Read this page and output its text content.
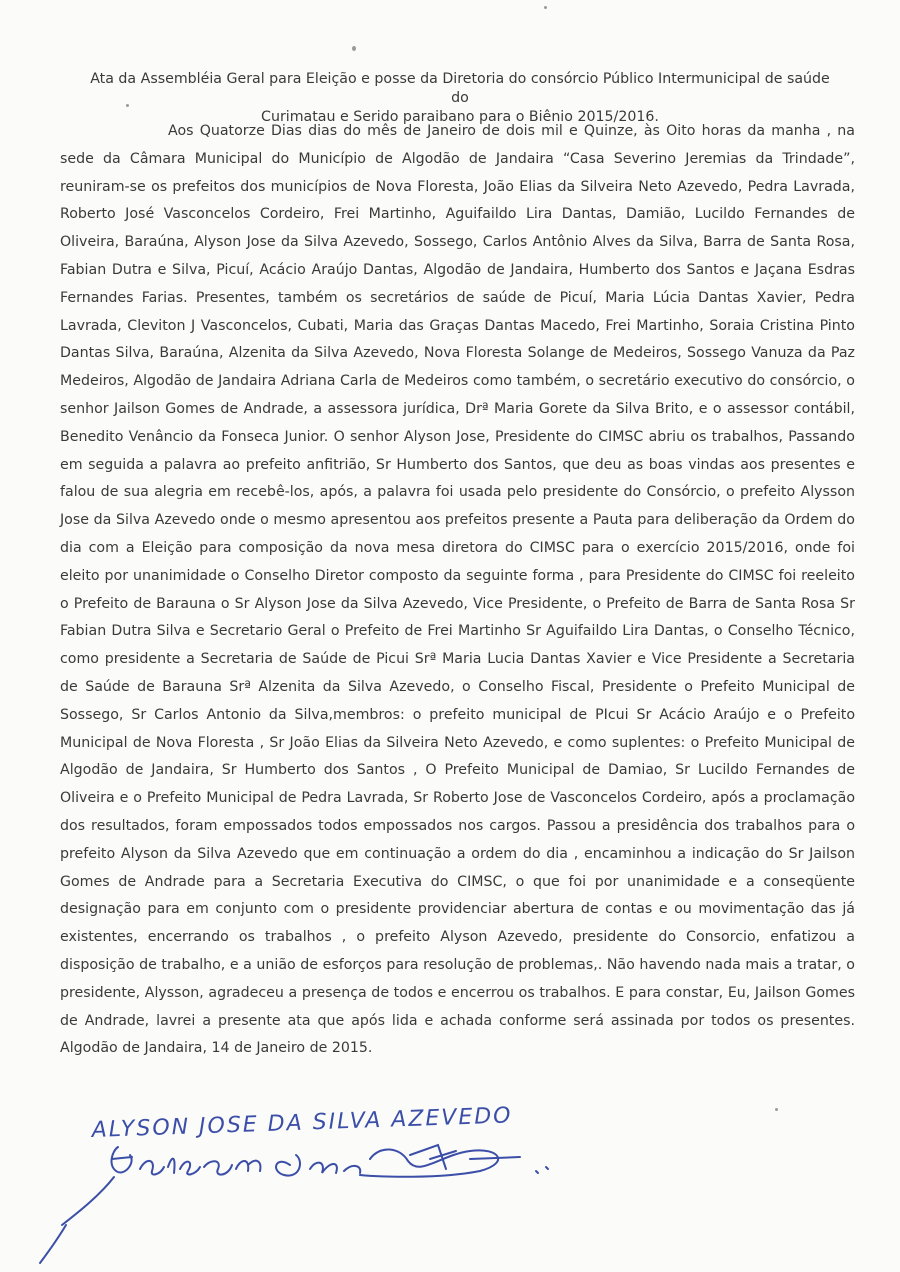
Ata da Assembléia Geral para Eleição e posse da Diretoria do consórcio Público Intermunicipal de saúde do
Curimatau e Serido paraibano para o Biênio 2015/2016.

Aos Quatorze Dias dias do mês de Janeiro de dois mil e Quinze, às Oito horas da manha , na sede da Câmara Municipal do Município de Algodão de Jandaira “Casa Severino Jeremias da Trindade”, reuniram-se os prefeitos dos municípios de Nova Floresta, João Elias da Silveira Neto Azevedo, Pedra Lavrada, Roberto José Vasconcelos Cordeiro, Frei Martinho, Aguifaildo Lira Dantas, Damião, Lucildo Fernandes de Oliveira, Baraúna, Alyson Jose da Silva Azevedo, Sossego, Carlos Antônio Alves da Silva, Barra de Santa Rosa, Fabian Dutra e Silva, Picuí, Acácio Araújo Dantas, Algodão de Jandaira, Humberto dos Santos e Jaçana Esdras Fernandes Farias. Presentes, também os secretários de saúde de Picuí, Maria Lúcia Dantas Xavier, Pedra Lavrada, Cleviton J Vasconcelos, Cubati, Maria das Graças Dantas Macedo, Frei Martinho, Soraia Cristina Pinto Dantas Silva, Baraúna, Alzenita da Silva Azevedo, Nova Floresta Solange de Medeiros, Sossego Vanuza da Paz Medeiros, Algodão de Jandaira Adriana Carla de Medeiros como também, o secretário executivo do consórcio, o senhor Jailson Gomes de Andrade, a assessora jurídica, Drª Maria Gorete da Silva Brito, e o assessor contábil, Benedito Venâncio da Fonseca Junior. O senhor Alyson Jose, Presidente do CIMSC abriu os trabalhos, Passando em seguida a palavra ao prefeito anfitrião, Sr Humberto dos Santos, que deu as boas vindas aos presentes e falou de sua alegria em recebê-los, após, a palavra foi usada pelo presidente do Consórcio, o prefeito Alysson Jose da Silva Azevedo onde o mesmo apresentou aos prefeitos presente a Pauta para deliberação da Ordem do dia com a Eleição para composição da nova mesa diretora do CIMSC para o exercício 2015/2016, onde foi eleito por unanimidade o Conselho Diretor composto da seguinte forma , para Presidente do CIMSC foi reeleito o Prefeito de Barauna o Sr Alyson Jose da Silva Azevedo, Vice Presidente, o Prefeito de Barra de Santa Rosa Sr Fabian Dutra Silva e Secretario Geral o Prefeito de Frei Martinho Sr Aguifaildo Lira Dantas, o Conselho Técnico, como presidente a Secretaria de Saúde de Picui Srª Maria Lucia Dantas Xavier e Vice Presidente a Secretaria de Saúde de Barauna Srª Alzenita da Silva Azevedo, o Conselho Fiscal, Presidente o Prefeito Municipal de Sossego, Sr Carlos Antonio da Silva,membros: o prefeito municipal de PIcui Sr Acácio Araújo e o Prefeito Municipal de Nova Floresta , Sr João Elias da Silveira Neto Azevedo, e como suplentes: o Prefeito Municipal de Algodão de Jandaira, Sr Humberto dos Santos , O Prefeito Municipal de Damiao, Sr Lucildo Fernandes de Oliveira e o Prefeito Municipal de Pedra Lavrada, Sr Roberto Jose de Vasconcelos Cordeiro, após a proclamação dos resultados, foram empossados todos empossados nos cargos. Passou a presidência dos trabalhos para o prefeito Alyson da Silva Azevedo que em continuação a ordem do dia , encaminhou a indicação do Sr Jailson Gomes de Andrade para a Secretaria Executiva do CIMSC, o que foi por unanimidade e a conseqüente designação para em conjunto com o presidente providenciar abertura de contas e ou movimentação das já existentes, encerrando os trabalhos , o prefeito Alyson Azevedo, presidente do Consorcio, enfatizou a disposição de trabalho, e a união de esforços para resolução de problemas,. Não havendo nada mais a tratar, o presidente, Alysson, agradeceu a presença de todos e encerrou os trabalhos. E para constar, Eu, Jailson Gomes de Andrade, lavrei a presente ata que após lida e achada conforme será assinada por todos os presentes. Algodão de Jandaira, 14 de Janeiro de 2015.

ALYSON JOSE DA SILVA AZEVEDO
